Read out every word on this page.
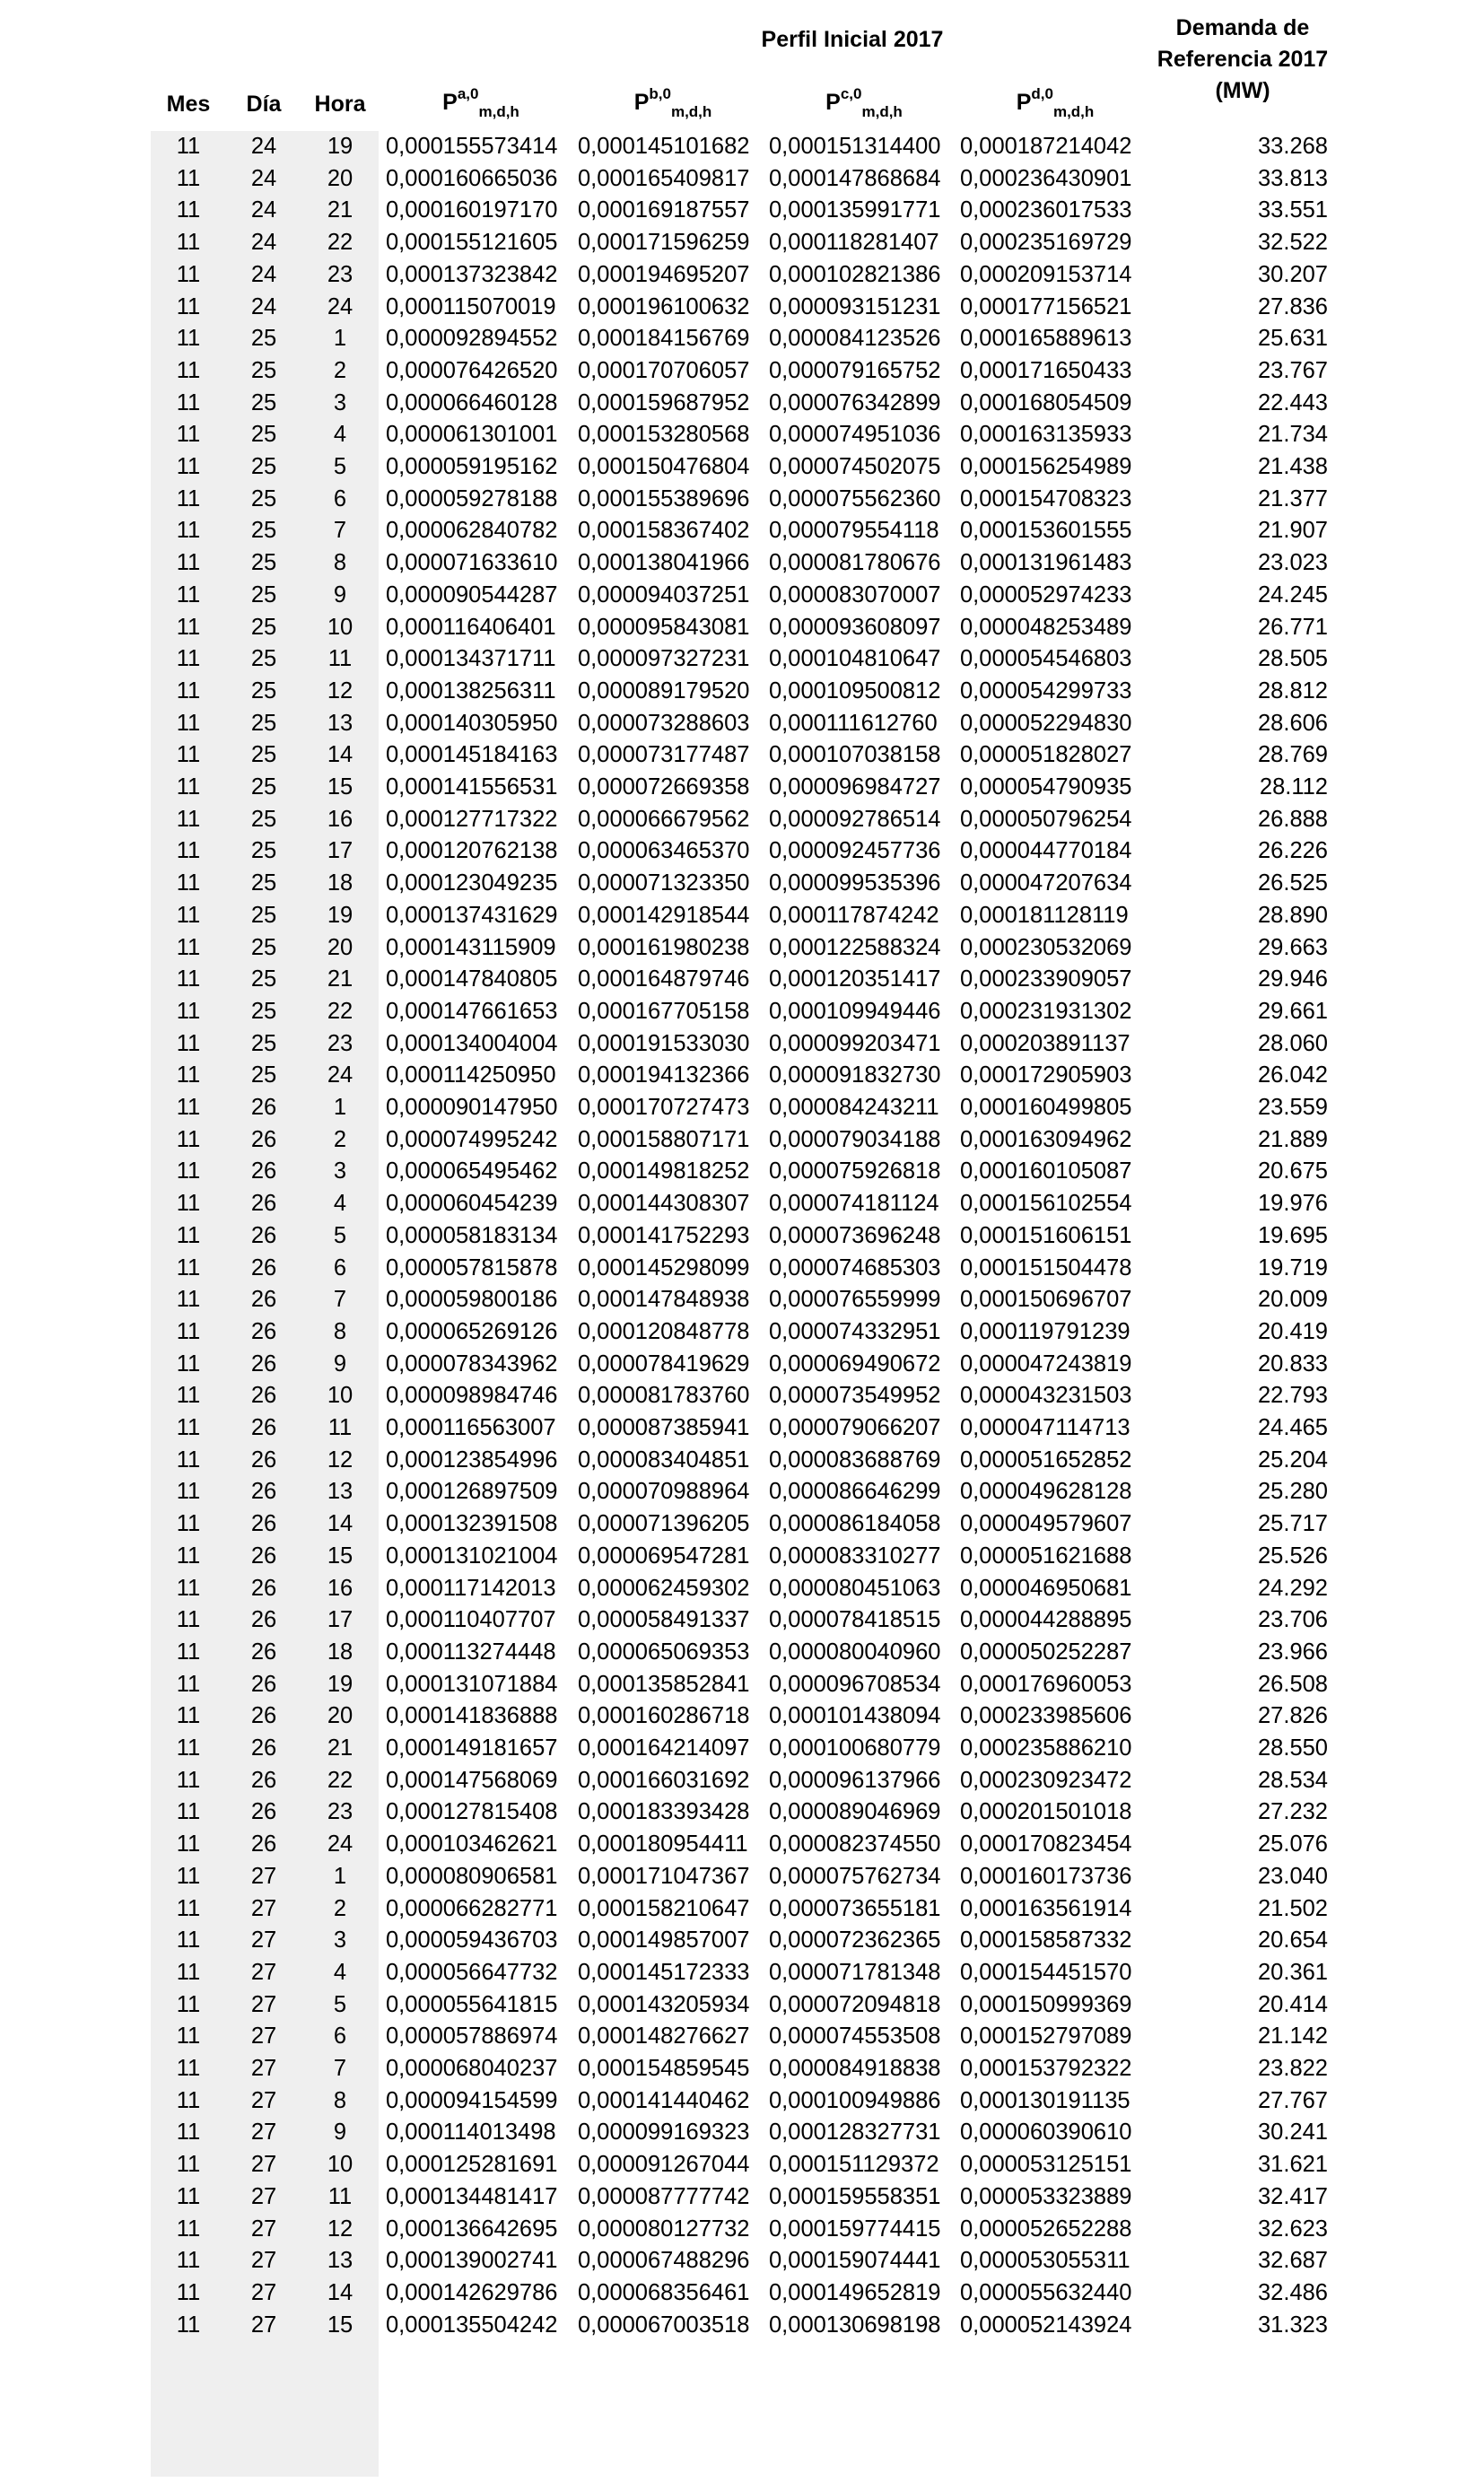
Perfil Inicial 2017	Demanda de
Referencia 2017
(MW)
Mes	Día	Hora	P$^{a,0}_{m,d,h}$	P$^{b,0}_{m,d,h}$	P$^{c,0}_{m,d,h}$	P$^{d,0}_{m,d,h}$
11	24	19	0,000155573414 0,000145101682 0,000151314400 0,000187214042	33.268
11	24	20	0,000160665036 0,000165409817 0,000147868684 0,000236430901	33.813
11	24	21	0,000160197170 0,000169187557 0,000135991771 0,000236017533	33.551
11	24	22	0,000155121605 0,000171596259 0,000118281407 0,000235169729	32.522
11	24	23	0,000137323842 0,000194695207 0,000102821386 0,000209153714	30.207
11	24	24	0,000115070019 0,000196100632 0,000093151231 0,000177156521	27.836
11	25	1	0,000092894552 0,000184156769 0,000084123526 0,000165889613	25.631
11	25	2	0,000076426520 0,000170706057 0,000079165752 0,000171650433	23.767
11	25	3	0,000066460128 0,000159687952 0,000076342899 0,000168054509	22.443
11	25	4	0,000061301001 0,000153280568 0,000074951036 0,000163135933	21.734
11	25	5	0,000059195162 0,000150476804 0,000074502075 0,000156254989	21.438
11	25	6	0,000059278188 0,000155389696 0,000075562360 0,000154708323	21.377
11	25	7	0,000062840782 0,000158367402 0,000079554118 0,000153601555	21.907
11	25	8	0,000071633610 0,000138041966 0,000081780676 0,000131961483	23.023
11	25	9	0,000090544287 0,000094037251 0,000083070007 0,000052974233	24.245
11	25	10	0,000116406401 0,000095843081 0,000093608097 0,000048253489	26.771
11	25	11	0,000134371711 0,000097327231 0,000104810647 0,000054546803	28.505
11	25	12	0,000138256311 0,000089179520 0,000109500812 0,000054299733	28.812
11	25	13	0,000140305950 0,000073288603 0,000111612760 0,000052294830	28.606
11	25	14	0,000145184163 0,000073177487 0,000107038158 0,000051828027	28.769
11	25	15	0,000141556531 0,000072669358 0,000096984727 0,000054790935	28.112
11	25	16	0,000127717322 0,000066679562 0,000092786514 0,000050796254	26.888
11	25	17	0,000120762138 0,000063465370 0,000092457736 0,000044770184	26.226
11	25	18	0,000123049235 0,000071323350 0,000099535396 0,000047207634	26.525
11	25	19	0,000137431629 0,000142918544 0,000117874242 0,000181128119	28.890
11	25	20	0,000143115909 0,000161980238 0,000122588324 0,000230532069	29.663
11	25	21	0,000147840805 0,000164879746 0,000120351417 0,000233909057	29.946
11	25	22	0,000147661653 0,000167705158 0,000109949446 0,000231931302	29.661
11	25	23	0,000134004004 0,000191533030 0,000099203471 0,000203891137	28.060
11	25	24	0,000114250950 0,000194132366 0,000091832730 0,000172905903	26.042
11	26	1	0,000090147950 0,000170727473 0,000084243211 0,000160499805	23.559
11	26	2	0,000074995242 0,000158807171 0,000079034188 0,000163094962	21.889
11	26	3	0,000065495462 0,000149818252 0,000075926818 0,000160105087	20.675
11	26	4	0,000060454239 0,000144308307 0,000074181124 0,000156102554	19.976
11	26	5	0,000058183134 0,000141752293 0,000073696248 0,000151606151	19.695
11	26	6	0,000057815878 0,000145298099 0,000074685303 0,000151504478	19.719
11	26	7	0,000059800186 0,000147848938 0,000076559999 0,000150696707	20.009
11	26	8	0,000065269126 0,000120848778 0,000074332951 0,000119791239	20.419
11	26	9	0,000078343962 0,000078419629 0,000069490672 0,000047243819	20.833
11	26	10	0,000098984746 0,000081783760 0,000073549952 0,000043231503	22.793
11	26	11	0,000116563007 0,000087385941 0,000079066207 0,000047114713	24.465
11	26	12	0,000123854996 0,000083404851 0,000083688769 0,000051652852	25.204
11	26	13	0,000126897509 0,000070988964 0,000086646299 0,000049628128	25.280
11	26	14	0,000132391508 0,000071396205 0,000086184058 0,000049579607	25.717
11	26	15	0,000131021004 0,000069547281 0,000083310277 0,000051621688	25.526
11	26	16	0,000117142013 0,000062459302 0,000080451063 0,000046950681	24.292
11	26	17	0,000110407707 0,000058491337 0,000078418515 0,000044288895	23.706
11	26	18	0,000113274448 0,000065069353 0,000080040960 0,000050252287	23.966
11	26	19	0,000131071884 0,000135852841 0,000096708534 0,000176960053	26.508
11	26	20	0,000141836888 0,000160286718 0,000101438094 0,000233985606	27.826
11	26	21	0,000149181657 0,000164214097 0,000100680779 0,000235886210	28.550
11	26	22	0,000147568069 0,000166031692 0,000096137966 0,000230923472	28.534
11	26	23	0,000127815408 0,000183393428 0,000089046969 0,000201501018	27.232
11	26	24	0,000103462621 0,000180954411 0,000082374550 0,000170823454	25.076
11	27	1	0,000080906581 0,000171047367 0,000075762734 0,000160173736	23.040
11	27	2	0,000066282771 0,000158210647 0,000073655181 0,000163561914	21.502
11	27	3	0,000059436703 0,000149857007 0,000072362365 0,000158587332	20.654
11	27	4	0,000056647732 0,000145172333 0,000071781348 0,000154451570	20.361
11	27	5	0,000055641815 0,000143205934 0,000072094818 0,000150999369	20.414
11	27	6	0,000057886974 0,000148276627 0,000074553508 0,000152797089	21.142
11	27	7	0,000068040237 0,000154859545 0,000084918838 0,000153792322	23.822
11	27	8	0,000094154599 0,000141440462 0,000100949886 0,000130191135	27.767
11	27	9	0,000114013498 0,000099169323 0,000128327731 0,000060390610	30.241
11	27	10	0,000125281691 0,000091267044 0,000151129372 0,000053125151	31.621
11	27	11	0,000134481417 0,000087777742 0,000159558351 0,000053323889	32.417
11	27	12	0,000136642695 0,000080127732 0,000159774415 0,000052652288	32.623
11	27	13	0,000139002741 0,000067488296 0,000159074441 0,000053055311	32.687
11	27	14	0,000142629786 0,000068356461 0,000149652819 0,000055632440	32.486
11	27	15	0,000135504242 0,000067003518 0,000130698198 0,000052143924	31.323
